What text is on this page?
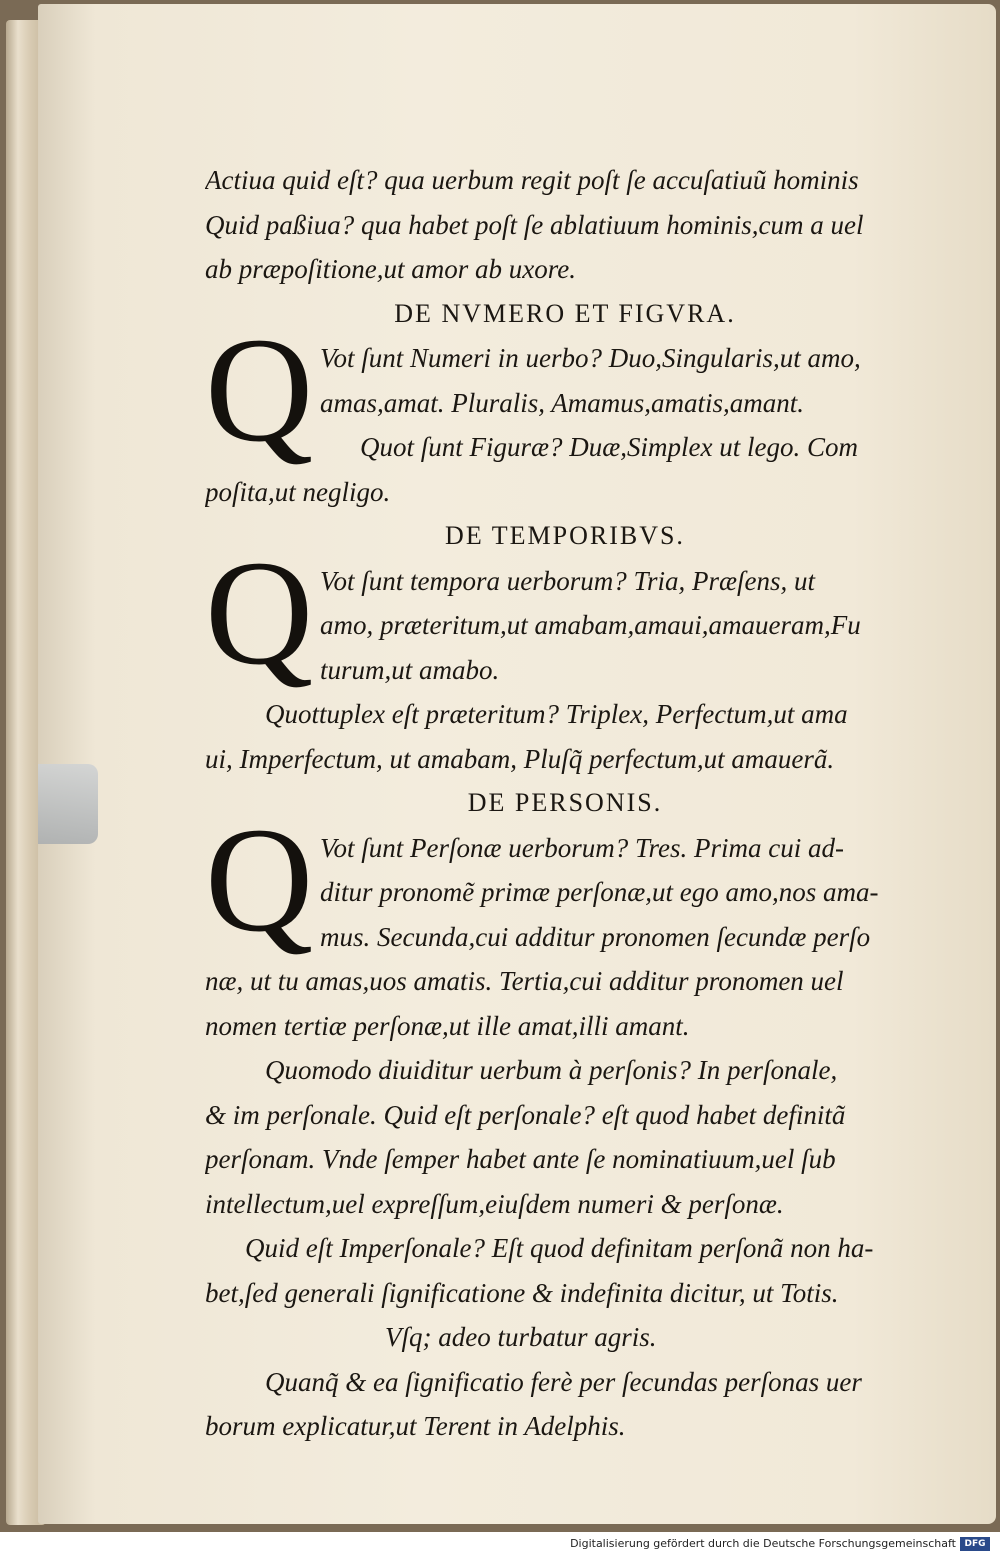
Actiua quid eſt? qua uerbum regit poſt ſe accuſatiuũ hominis
Quid paßiua? qua habet poſt ſe ablatiuum hominis,cum a uel
ab præpoſitione,ut amor ab uxore.
DE NVMERO ET FIGVRA.
Q Vot ſunt Numeri in uerbo? Duo,Singularis,ut amo,
amas,amat. Pluralis, Amamus,amatis,amant.
Quot ſunt Figuræ? Duæ,Simplex ut lego. Com
poſita,ut negligo.
DE TEMPORIBVS.
Q Vot ſunt tempora uerborum? Tria, Præſens, ut
amo, præteritum,ut amabam,amaui,amaueram,Fu
turum,ut amabo.
Quottuplex eſt præteritum? Triplex, Perfectum,ut ama
ui, Imperfectum, ut amabam, Pluſq̃ perfectum,ut amauerã.
DE PERSONIS.
Q Vot ſunt Perſonæ uerborum? Tres. Prima cui ad-
ditur pronomẽ primæ perſonæ,ut ego amo,nos ama-
mus. Secunda,cui additur pronomen ſecundæ perſo
næ, ut tu amas,uos amatis. Tertia,cui additur pronomen uel
nomen tertiæ perſonæ,ut ille amat,illi amant.
Quomodo diuiditur uerbum à perſonis? In perſonale,
& im perſonale. Quid eſt perſonale? eſt quod habet definitã
perſonam. Vnde ſemper habet ante ſe nominatiuum,uel ſub
intellectum,uel expreſſum,eiuſdem numeri & perſonæ.
Quid eſt Imperſonale? Eſt quod definitam perſonã non ha-
bet,ſed generali ſignificatione & indefinita dicitur, ut Totis.
Vſq; adeo turbatur agris.
Quanq̃ & ea ſignificatio ferè per ſecundas perſonas uer
borum explicatur,ut Terent in Adelphis.
Digitalisierung gefördert durch die Deutsche Forschungsgemeinschaft DFG
